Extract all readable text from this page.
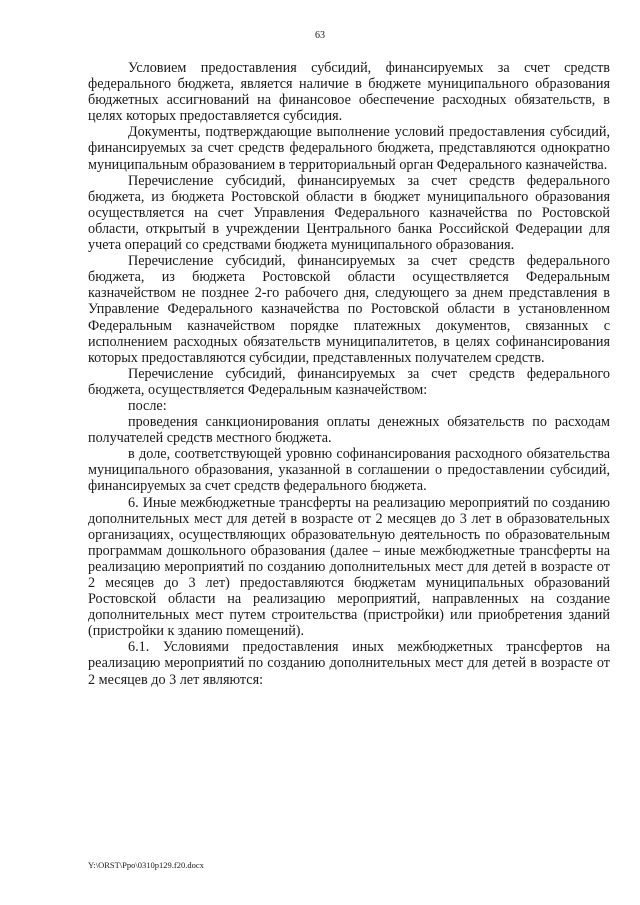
63

Условием предоставления субсидий, финансируемых за счет средств федерального бюджета, является наличие в бюджете муниципального образования бюджетных ассигнований на финансовое обеспечение расходных обязательств, в целях которых предоставляется субсидия.

Документы, подтверждающие выполнение условий предоставления субсидий, финансируемых за счет средств федерального бюджета, представляются однократно муниципальным образованием в территориальный орган Федерального казначейства.

Перечисление субсидий, финансируемых за счет средств федерального бюджета, из бюджета Ростовской области в бюджет муниципального образования осуществляется на счет Управления Федерального казначейства по Ростовской области, открытый в учреждении Центрального банка Российской Федерации для учета операций со средствами бюджета муниципального образования.

Перечисление субсидий, финансируемых за счет средств федерального бюджета, из бюджета Ростовской области осуществляется Федеральным казначейством не позднее 2-го рабочего дня, следующего за днем представления в Управление Федерального казначейства по Ростовской области в установленном Федеральным казначейством порядке платежных документов, связанных с исполнением расходных обязательств муниципалитетов, в целях софинансирования которых предоставляются субсидии, представленных получателем средств.

Перечисление субсидий, финансируемых за счет средств федерального бюджета, осуществляется Федеральным казначейством:

после:

проведения санкционирования оплаты денежных обязательств по расходам получателей средств местного бюджета.

в доле, соответствующей уровню софинансирования расходного обязательства муниципального образования, указанной в соглашении о предоставлении субсидий, финансируемых за счет средств федерального бюджета.

6. Иные межбюджетные трансферты на реализацию мероприятий по созданию дополнительных мест для детей в возрасте от 2 месяцев до 3 лет в образовательных организациях, осуществляющих образовательную деятельность по образовательным программам дошкольного образования (далее – иные межбюджетные трансферты на реализацию мероприятий по созданию дополнительных мест для детей в возрасте от 2 месяцев до 3 лет) предоставляются бюджетам муниципальных образований Ростовской области на реализацию мероприятий, направленных на создание дополнительных мест путем строительства (пристройки) или приобретения зданий (пристройки к зданию помещений).

6.1. Условиями предоставления иных межбюджетных трансфертов на реализацию мероприятий по созданию дополнительных мест для детей в возрасте от 2 месяцев до 3 лет являются:

Y:\ORST\Ppo\0310p129.f20.docx
